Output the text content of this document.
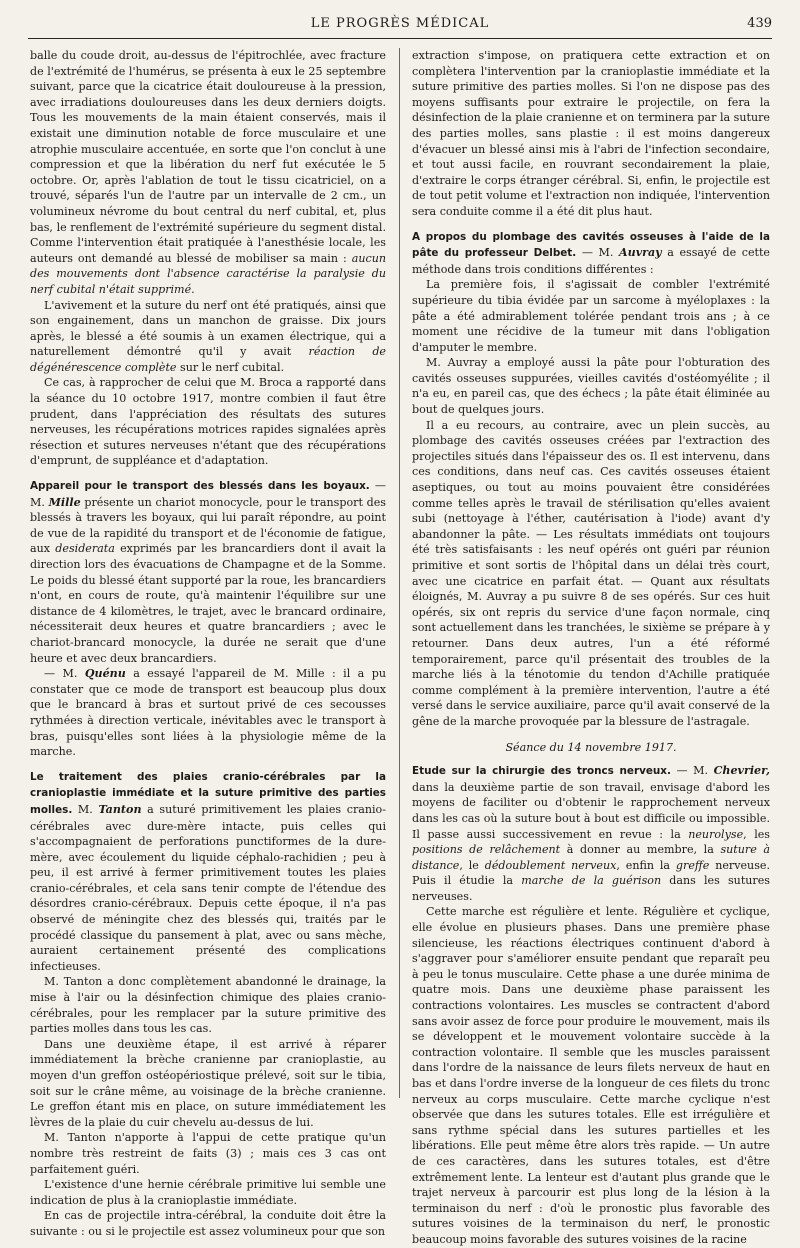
LE PROGRÈS MÉDICAL	439

balle du coude droit, au-dessus de l'épitrochlée, avec fracture de l'extrémité de l'humérus, se présenta à eux le 25 septembre suivant, parce que la cicatrice était douloureuse à la pression, avec irradiations douloureuses dans les deux derniers doigts. Tous les mouvements de la main étaient conservés, mais il existait une diminution notable de force musculaire et une atrophie musculaire accentuée, en sorte que l'on conclut à une compression et que la libération du nerf fut exécutée le 5 octobre. Or, après l'ablation de tout le tissu cicatriciel, on a trouvé, séparés l'un de l'autre par un intervalle de 2 cm., un volumineux névrome du bout central du nerf cubital, et, plus bas, le renflement de l'extrémité supérieure du segment distal. Comme l'intervention était pratiquée à l'anesthésie locale, les auteurs ont demandé au blessé de mobiliser sa main : aucun des mouvements dont l'absence caractérise la paralysie du nerf cubital n'était supprimé.

L'avivement et la suture du nerf ont été pratiqués, ainsi que son engainement, dans un manchon de graisse. Dix jours après, le blessé a été soumis à un examen électrique, qui a naturellement démontré qu'il y avait réaction de dégénérescence complète sur le nerf cubital.

Ce cas, à rapprocher de celui que M. Broca a rapporté dans la séance du 10 octobre 1917, montre combien il faut être prudent, dans l'appréciation des résultats des sutures nerveuses, les récupérations motrices rapides signalées après résection et sutures nerveuses n'étant que des récupérations d'emprunt, de suppléance et d'adaptation.

Appareil pour le transport des blessés dans les boyaux. — M. Mille présente un chariot monocycle, pour le transport des blessés à travers les boyaux, qui lui paraît répondre, au point de vue de la rapidité du transport et de l'économie de fatigue, aux desiderata exprimés par les brancardiers dont il avait la direction lors des évacuations de Champagne et de la Somme. Le poids du blessé étant supporté par la roue, les brancardiers n'ont, en cours de route, qu'à maintenir l'équilibre sur une distance de 4 kilomètres, le trajet, avec le brancard ordinaire, nécessiterait deux heures et quatre brancardiers ; avec le chariot-brancard monocycle, la durée ne serait que d'une heure et avec deux brancardiers.

— M. Quénu a essayé l'appareil de M. Mille : il a pu constater que ce mode de transport est beaucoup plus doux que le brancard à bras et surtout privé de ces secousses rythmées à direction verticale, inévitables avec le transport à bras, puisqu'elles sont liées à la physiologie même de la marche.

Le traitement des plaies cranio-cérébrales par la cranioplastie immédiate et la suture primitive des parties molles. M. Tanton a suturé primitivement les plaies cranio-cérébrales avec dure-mère intacte, puis celles qui s'accompagnaient de perforations punctiformes de la dure-mère, avec écoulement du liquide céphalo-rachidien ; peu à peu, il est arrivé à fermer primitivement toutes les plaies cranio-cérébrales, et cela sans tenir compte de l'étendue des désordres cranio-cérébraux. Depuis cette époque, il n'a pas observé de méningite chez des blessés qui, traités par le procédé classique du pansement à plat, avec ou sans mèche, auraient certainement présenté des complications infectieuses.

M. Tanton a donc complètement abandonné le drainage, la mise à l'air ou la désinfection chimique des plaies cranio-cérébrales, pour les remplacer par la suture primitive des parties molles dans tous les cas.

Dans une deuxième étape, il est arrivé à réparer immédiatement la brèche cranienne par cranioplastie, au moyen d'un greffon ostéopériostique prélevé, soit sur le tibia, soit sur le crâne même, au voisinage de la brèche cranienne. Le greffon étant mis en place, on suture immédiatement les lèvres de la plaie du cuir chevelu au-dessus de lui.

M. Tanton n'apporte à l'appui de cette pratique qu'un nombre très restreint de faits (3) ; mais ces 3 cas ont parfaitement guéri.

L'existence d'une hernie cérébrale primitive lui semble une indication de plus à la cranioplastie immédiate.

En cas de projectile intra-cérébral, la conduite doit être la suivante : ou si le projectile est assez volumineux pour que son

extraction s'impose, on pratiquera cette extraction et on complètera l'intervention par la cranioplastie immédiate et la suture primitive des parties molles. Si l'on ne dispose pas des moyens suffisants pour extraire le projectile, on fera la désinfection de la plaie cranienne et on terminera par la suture des parties molles, sans plastie : il est moins dangereux d'évacuer un blessé ainsi mis à l'abri de l'infection secondaire, et tout aussi facile, en rouvrant secondairement la plaie, d'extraire le corps étranger cérébral. Si, enfin, le projectile est de tout petit volume et l'extraction non indiquée, l'intervention sera conduite comme il a été dit plus haut.

A propos du plombage des cavités osseuses à l'aide de la pâte du professeur Delbet. — M. Auvray a essayé de cette méthode dans trois conditions différentes :

La première fois, il s'agissait de combler l'extrémité supérieure du tibia évidée par un sarcome à myéloplaxes : la pâte a été admirablement tolérée pendant trois ans ; à ce moment une récidive de la tumeur mit dans l'obligation d'amputer le membre.

M. Auvray a employé aussi la pâte pour l'obturation des cavités osseuses suppurées, vieilles cavités d'ostéomyélite ; il n'a eu, en pareil cas, que des échecs ; la pâte était éliminée au bout de quelques jours.

Il a eu recours, au contraire, avec un plein succès, au plombage des cavités osseuses créées par l'extraction des projectiles situés dans l'épaisseur des os. Il est intervenu, dans ces conditions, dans neuf cas. Ces cavités osseuses étaient aseptiques, ou tout au moins pouvaient être considérées comme telles après le travail de stérilisation qu'elles avaient subi (nettoyage à l'éther, cautérisation à l'iode) avant d'y abandonner la pâte. — Les résultats immédiats ont toujours été très satisfaisants : les neuf opérés ont guéri par réunion primitive et sont sortis de l'hôpital dans un délai très court, avec une cicatrice en parfait état. — Quant aux résultats éloignés, M. Auvray a pu suivre 8 de ses opérés. Sur ces huit opérés, six ont repris du service d'une façon normale, cinq sont actuellement dans les tranchées, le sixième se prépare à y retourner. Dans deux autres, l'un a été réformé temporairement, parce qu'il présentait des troubles de la marche liés à la ténotomie du tendon d'Achille pratiquée comme complément à la première intervention, l'autre a été versé dans le service auxiliaire, parce qu'il avait conservé de la gêne de la marche provoquée par la blessure de l'astragale.

Séance du 14 novembre 1917.

Etude sur la chirurgie des troncs nerveux. — M. Chevrier, dans la deuxième partie de son travail, envisage d'abord les moyens de faciliter ou d'obtenir le rapprochement nerveux dans les cas où la suture bout à bout est difficile ou impossible. Il passe aussi successivement en revue : la neurolyse, les positions de relâchement à donner au membre, la suture à distance, le dédoublement nerveux, enfin la greffe nerveuse. Puis il étudie la marche de la guérison dans les sutures nerveuses.

Cette marche est régulière et lente. Régulière et cyclique, elle évolue en plusieurs phases. Dans une première phase silencieuse, les réactions électriques continuent d'abord à s'aggraver pour s'améliorer ensuite pendant que reparaît peu à peu le tonus musculaire. Cette phase a une durée minima de quatre mois. Dans une deuxième phase paraissent les contractions volontaires. Les muscles se contractent d'abord sans avoir assez de force pour produire le mouvement, mais ils se développent et le mouvement volontaire succède à la contraction volontaire. Il semble que les muscles paraissent dans l'ordre de la naissance de leurs filets nerveux de haut en bas et dans l'ordre inverse de la longueur de ces filets du tronc nerveux au corps musculaire. Cette marche cyclique n'est observée que dans les sutures totales. Elle est irrégulière et sans rythme spécial dans les sutures partielles et les libérations. Elle peut même être alors très rapide. — Un autre de ces caractères, dans les sutures totales, est d'être extrêmement lente. La lenteur est d'autant plus grande que le trajet nerveux à parcourir est plus long de la lésion à la terminaison du nerf : d'où le pronostic plus favorable des sutures voisines de la terminaison du nerf, le pronostic beaucoup moins favorable des sutures voisines de la racine
